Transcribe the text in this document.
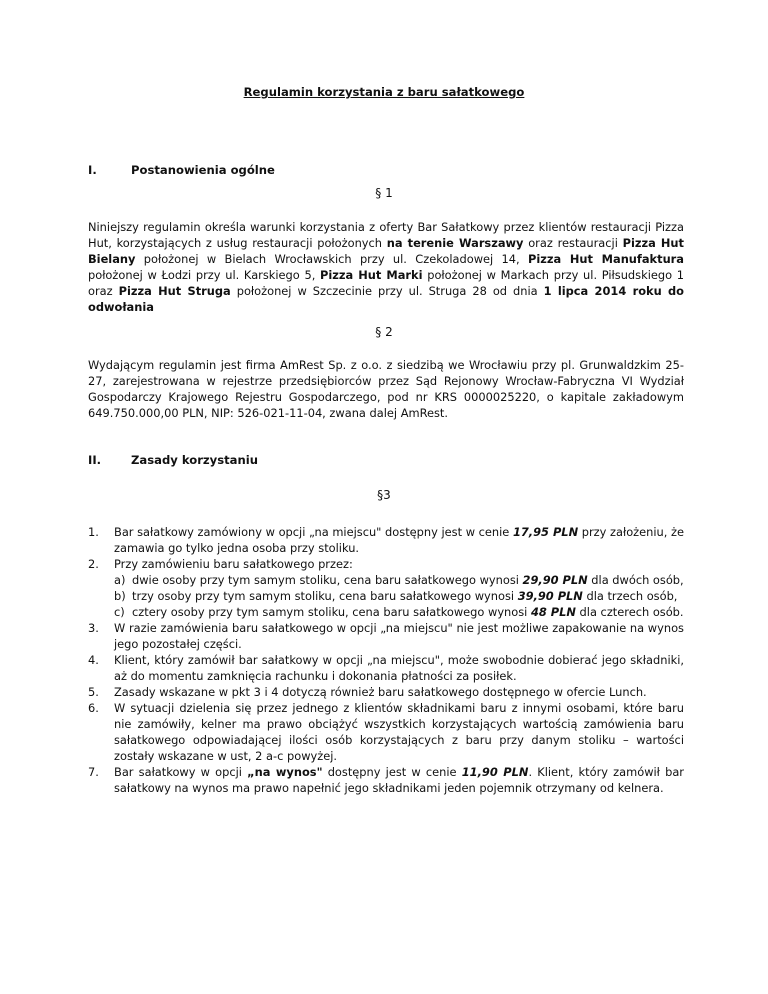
Regulamin korzystania z baru sałatkowego
I.	Postanowienia ogólne
§ 1
Niniejszy regulamin określa warunki korzystania z oferty Bar Sałatkowy przez klientów restauracji Pizza Hut, korzystających z usług restauracji położonych na terenie Warszawy oraz restauracji Pizza Hut Bielany położonej w Bielach Wrocławskich przy ul. Czekoladowej 14, Pizza Hut Manufaktura położonej w Łodzi przy ul. Karskiego 5, Pizza Hut Marki położonej w Markach przy ul. Piłsudskiego 1 oraz Pizza Hut Struga położonej w Szczecinie przy ul. Struga 28 od dnia 1 lipca 2014 roku do odwołania
§ 2
Wydającym regulamin jest firma AmRest Sp. z o.o. z siedzibą we Wrocławiu przy pl. Grunwaldzkim 25-27, zarejestrowana w rejestrze przedsiębiorców przez Sąd Rejonowy Wrocław-Fabryczna VI Wydział Gospodarczy Krajowego Rejestru Gospodarczego, pod nr KRS 0000025220, o kapitale zakładowym 649.750.000,00 PLN, NIP: 526-021-11-04, zwana dalej AmRest.
II.	Zasady korzystaniu
§3
1. Bar sałatkowy zamówiony w opcji „na miejscu" dostępny jest w cenie 17,95 PLN przy założeniu, że zamawia go tylko jedna osoba przy stoliku.
2. Przy zamówieniu baru sałatkowego przez:
a) dwie osoby przy tym samym stoliku, cena baru sałatkowego wynosi 29,90 PLN dla dwóch osób,
b) trzy osoby przy tym samym stoliku, cena baru sałatkowego wynosi 39,90 PLN dla trzech osób,
c) cztery osoby przy tym samym stoliku, cena baru sałatkowego wynosi 48 PLN dla czterech osób.
3. W razie zamówienia baru sałatkowego w opcji „na miejscu" nie jest możliwe zapakowanie na wynos jego pozostałej części.
4. Klient, który zamówił bar sałatkowy w opcji „na miejscu", może swobodnie dobierać jego składniki, aż do momentu zamknięcia rachunku i dokonania płatności za posiłek.
5. Zasady wskazane w pkt 3 i 4 dotyczą również baru sałatkowego dostępnego w ofercie Lunch.
6. W sytuacji dzielenia się przez jednego z klientów składnikami baru z innymi osobami, które baru nie zamówiły, kelner ma prawo obciążyć wszystkich korzystających wartością zamówienia baru sałatkowego odpowiadającej ilości osób korzystających z baru przy danym stoliku – wartości zostały wskazane w ust, 2 a-c powyżej.
7. Bar sałatkowy w opcji „na wynos" dostępny jest w cenie 11,90 PLN. Klient, który zamówił bar sałatkowy na wynos ma prawo napełnić jego składnikami jeden pojemnik otrzymany od kelnera.
